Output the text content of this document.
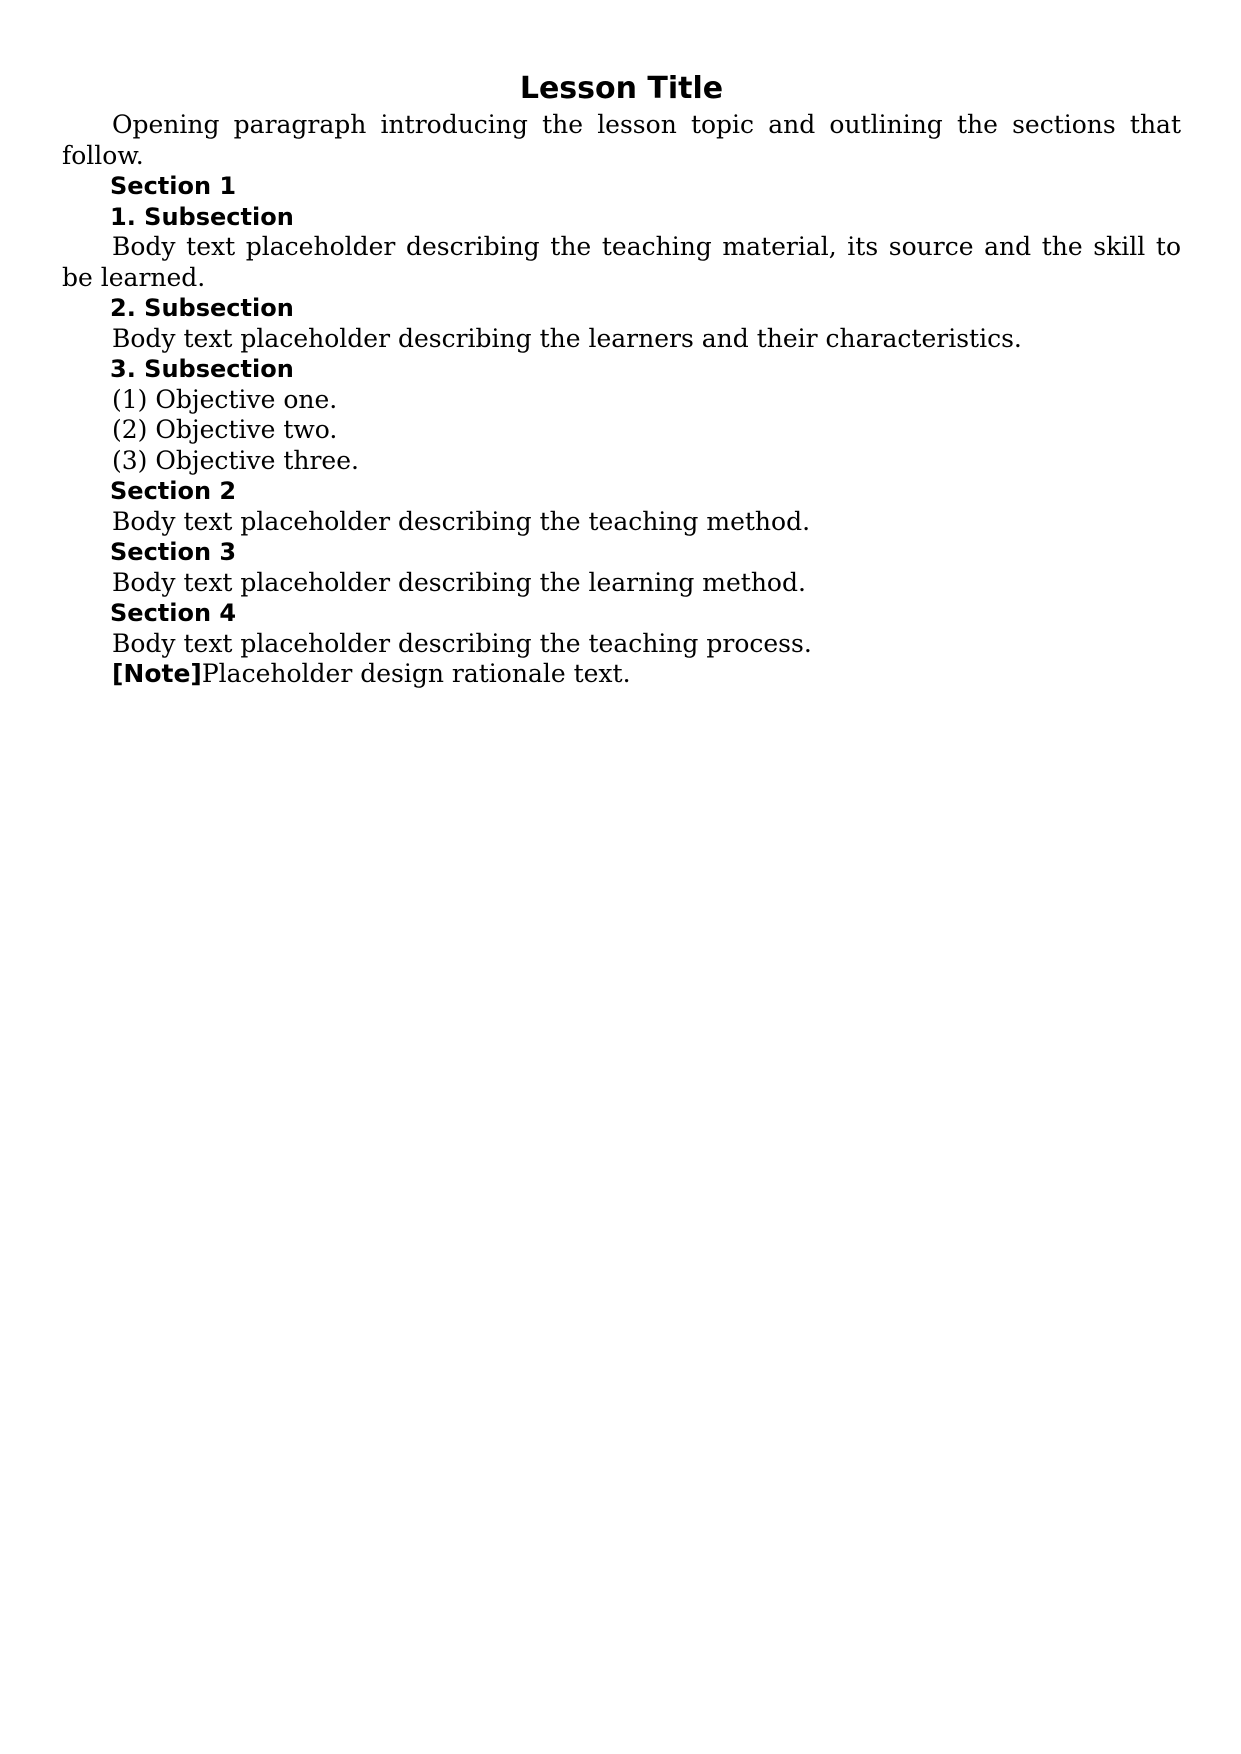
Lesson Title

Opening paragraph introducing the lesson topic and outlining the sections that follow.

Section 1

1. Subsection

Body text placeholder describing the teaching material, its source and the skill to be learned.

2. Subsection

Body text placeholder describing the learners and their characteristics.

3. Subsection

(1) Objective one.

(2) Objective two.

(3) Objective three.

Section 2

Body text placeholder describing the teaching method.

Section 3

Body text placeholder describing the learning method.

Section 4

Body text placeholder describing the teaching process.

[Note]Placeholder design rationale text.
